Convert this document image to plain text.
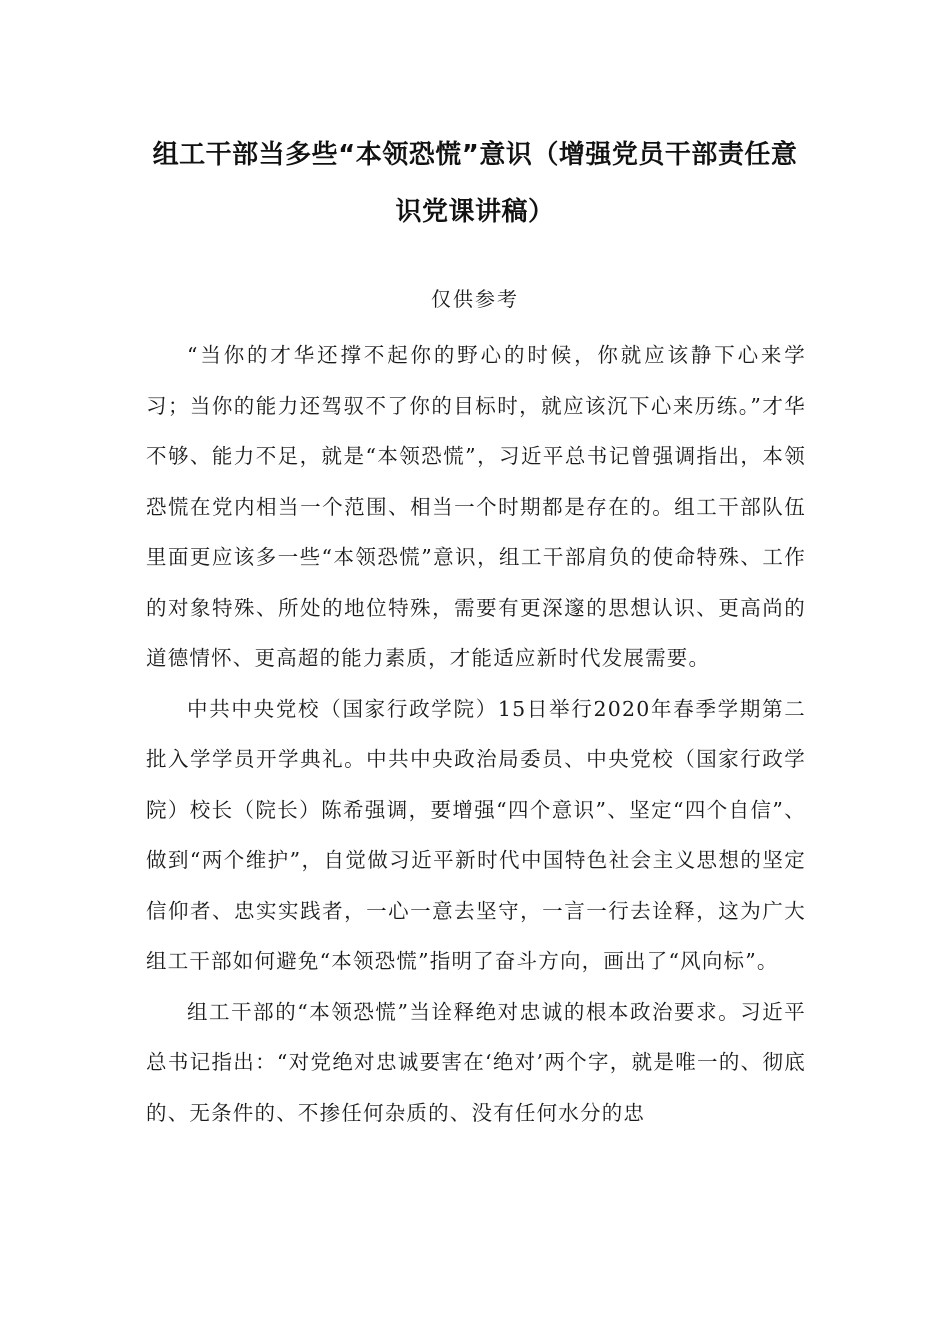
组工干部当多些“本领恐慌”意识（增强党员干部责任意识党课讲稿）

仅供参考

“当你的才华还撑不起你的野心的时候，你就应该静下心来学习；当你的能力还驾驭不了你的目标时，就应该沉下心来历练。”才华不够、能力不足，就是“本领恐慌”，习近平总书记曾强调指出，本领恐慌在党内相当一个范围、相当一个时期都是存在的。组工干部队伍里面更应该多一些“本领恐慌”意识，组工干部肩负的使命特殊、工作的对象特殊、所处的地位特殊，需要有更深邃的思想认识、更高尚的道德情怀、更高超的能力素质，才能适应新时代发展需要。

中共中央党校（国家行政学院）15日举行2020年春季学期第二批入学学员开学典礼。中共中央政治局委员、中央党校（国家行政学院）校长（院长）陈希强调，要增强“四个意识”、坚定“四个自信”、做到“两个维护”，自觉做习近平新时代中国特色社会主义思想的坚定信仰者、忠实实践者，一心一意去坚守，一言一行去诠释，这为广大组工干部如何避免“本领恐慌”指明了奋斗方向，画出了“风向标”。

组工干部的“本领恐慌”当诠释绝对忠诚的根本政治要求。习近平总书记指出：“对党绝对忠诚要害在‘绝对’两个字，就是唯一的、彻底的、无条件的、不掺任何杂质的、没有任何水分的忠
